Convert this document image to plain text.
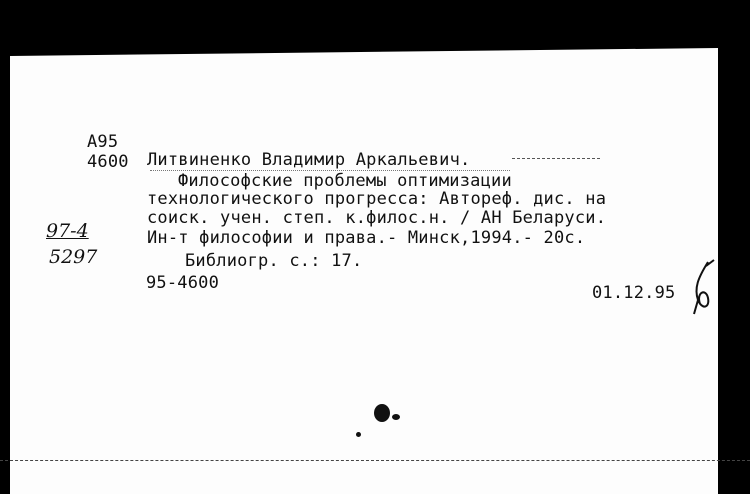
А95
4600 Литвиненко Владимир Аркальевич.
Философские проблемы оптимизации
технологического прогресса: Автореф. дис. на
соиск. учен. степ. к.филос.н. / АН Беларуси.
Ин-т философии и права.- Минск,1994.- 20с.
Библиогр. с.: 17.
97-4
5297
95-4600	01.12.95
